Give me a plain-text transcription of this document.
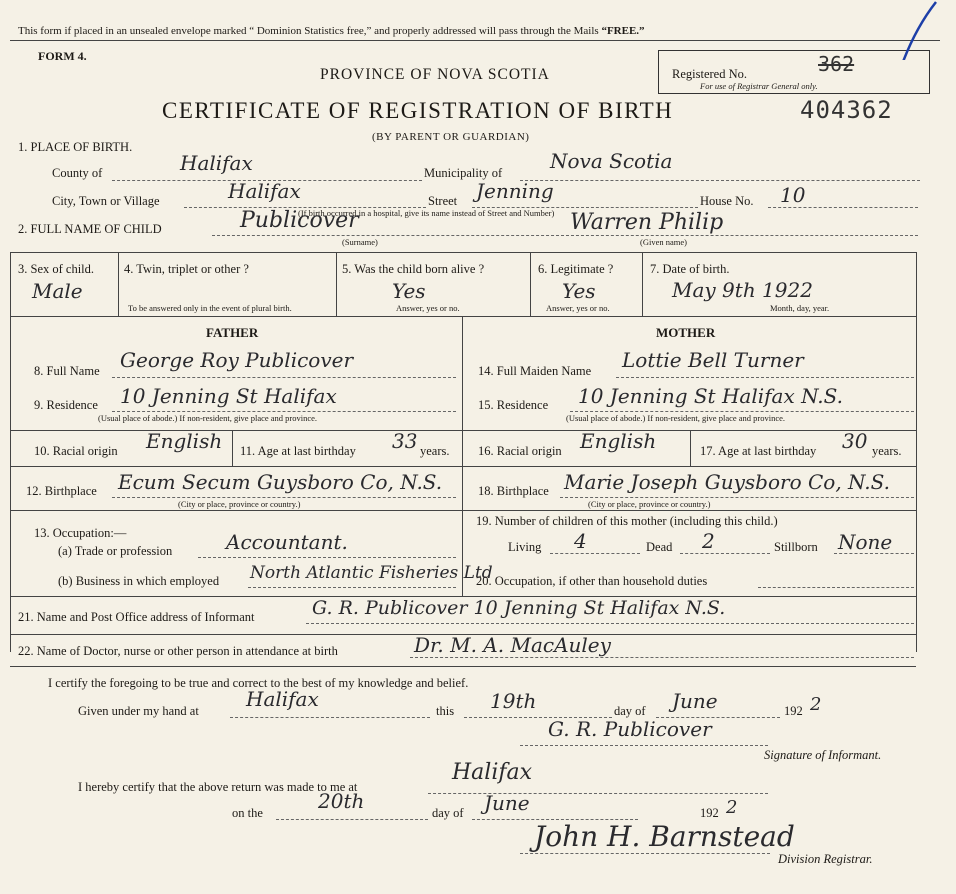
This form if placed in an unsealed envelope marked “ Dominion Statistics free,” and properly addressed will pass through the Mails “FREE.”
FORM 4.
PROVINCE OF NOVA SCOTIA
CERTIFICATE OF REGISTRATION OF BIRTH
(BY PARENT OR GUARDIAN)
Registered No.	362
For use of Registrar General only.
404362
1. PLACE OF BIRTH.
County of	Halifax	Municipality of Nova Scotia
City, Town or Village	Halifax	Street Jenning
(If birth occurred in a hospital, give its name instead of Street and Number)
House No. 10
2. FULL NAME OF CHILD	Publicover	Warren Philip
(Surname)	(Given name)
3. Sex of child.
Male
4. Twin, triplet or other ?
To be answered only in the event of plural birth.
5. Was the child born alive ?
Yes
Answer, yes or no.
6. Legitimate ?
Yes
Answer, yes or no.
7. Date of birth.
May 9th 1922
Month, day, year.
FATHER	MOTHER
8. Full Name George Roy Publicover
9. Residence 10 Jenning St Halifax
(Usual place of abode.) If non-resident, give place and province.
10. Racial origin English 11. Age at last birthday 33 years.
12. Birthplace Ecum Secum Guysboro Co, N.S.
(City or place, province or country.)
14. Full Maiden Name Lottie Bell Turner
15. Residence 10 Jenning St Halifax N.S.
(Usual place of abode.) If non-resident, give place and province.
16. Racial origin English	17. Age at last birthday 30 years.
18. Birthplace Marie Joseph Guysboro Co, N.S.
(City or place, province or country.)
13. Occupation:—
(a) Trade or profession	Accountant.
(b) Business in which employed North Atlantic Fisheries Ltd
19. Number of children of this mother (including this child.)
Living 4	Dead 2	Stillborn None
20. Occupation, if other than household duties
21. Name and Post Office address of Informant	G. R. Publicover 10 Jenning St Halifax N.S.
22. Name of Doctor, nurse or other person in attendance at birth	Dr. M. A. MacAuley
I certify the foregoing to be true and correct to the best of my knowledge and belief.
Given under my hand at Halifax	this 19th	day of June	192 2
G. R. Publicover
Signature of Informant.
I hereby certify that the above return was made to me at
Halifax
on the	20th	day of June	192 2
John H. Barnstead
Division Registrar.
